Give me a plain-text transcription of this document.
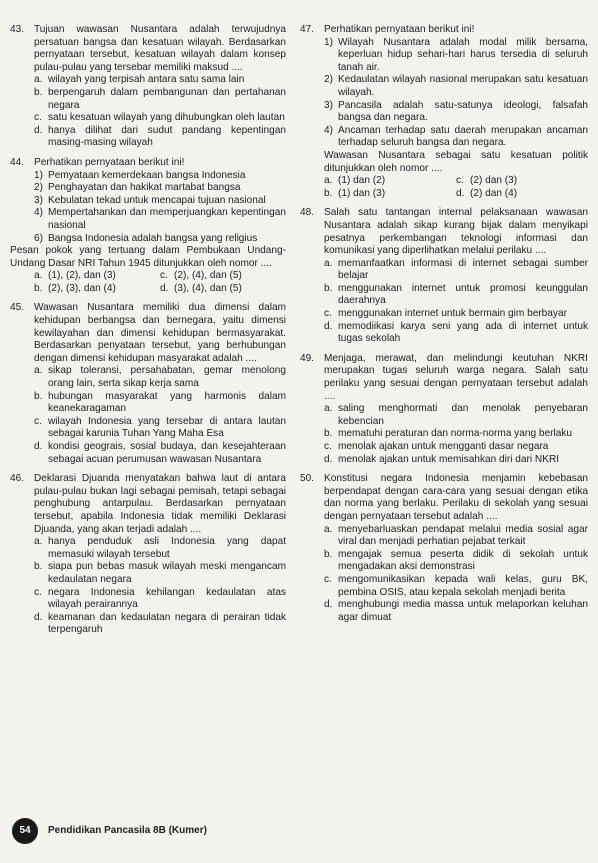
43. Tujuan wawasan Nusantara adalah terwujudnya persatuan bangsa dan kesatuan wilayah. Berdasarkan pernyataan tersebut, kesatuan wilayah dalam konsep pulau-pulau yang tersebar memiliki maksud ....
a. wilayah yang terpisah antara satu sama lain
b. berpengaruh dalam pembangunan dan pertahanan negara
c. satu kesatuan wilayah yang dihubungkan oleh lautan
d. hanya dilihat dari sudut pandang kepentingan masing-masing wilayah
44. Perhatikan pernyataan berikut ini!
1) Pemyataan kemerdekaan bangsa Indonesia
2) Penghayatan dan hakikat martabat bangsa
3) Kebulatan tekad untuk mencapai tujuan nasional
4) Mempertahankan dan memperjuangkan kepentingan nasional
6) Bangsa Indonesia adalah bangsa yang religius
Pesan pokok yang tertuang dalam Pembukaan Undang-Undang Dasar NRI Tahun 1945 ditunjukkan oleh nomor ....
a. (1), (2), dan (3)	c. (2), (4), dan (5)
b. (2), (3), dan (4)	d. (3), (4), dan (5)
45. Wawasan Nusantara memiliki dua dimensi dalam kehidupan berbangsa dan bernegara, yaitu dimensi kewilayahan dan dimensi kehidupan bermasyarakat. Berdasarkan penyataan tersebut, yang berhubungan dengan dimensi kehidupan masyarakat adalah ....
a. sikap toleransi, persahabatan, gemar menolong orang lain, serta sikap kerja sama
b. hubungan masyarakat yang harmonis dalam keanekaragaman
c. wilayah Indonesia yang tersebar di antara lautan sebagai karunia Tuhan Yang Maha Esa
d. kondisi geograis, sosial budaya, dan kesejahteraan sebagai acuan perumusan wawasan Nusantara
46. Deklarasi Djuanda menyatakan bahwa laut di antara pulau-pulau bukan lagi sebagai pemisah, tetapi sebagai penghubung antarpulau. Berdasarkan pernyataan tersebut, apabila Indonesia tidak memiliki Deklarasi Djuanda, yang akan terjadi adalah ....
a. hanya penduduk asli Indonesia yang dapat memasuki wilayah tersebut
b. siapa pun bebas masuk wilayah meski mengancam kedaulatan negara
c. negara Indonesia kehilangan kedaulatan atas wilayah perairannya
d. keamanan dan kedaulatan negara di perairan tidak terpengaruh
47. Perhatikan pernyataan berikut ini!
1) Wilayah Nusantara adalah modal milik bersama, keperluan hidup sehari-hari harus tersedia di seluruh tanah air.
2) Kedaulatan wilayah nasional merupakan satu kesatuan wilayah.
3) Pancasila adalah satu-satunya ideologi, falsafah bangsa dan negara.
4) Ancaman terhadap satu daerah merupakan ancaman terhadap seluruh bangsa dan negara.
Wawasan Nusantara sebagai satu kesatuan politik ditunjukkan oleh nomor ....
a. (1) dan (2)	c. (2) dan (3)
b. (1) dan (3)	d. (2) dan (4)
48. Salah satu tantangan internal pelaksanaan wawasan Nusantara adalah sikap kurang bijak dalam menyikapi pesatnya perkembangan teknologi informasi dan komunikasi yang diperlihatkan melalui perilaku ....
a. memanfaatkan informasi di internet sebagai sumber belajar
b. menggunakan internet untuk promosi keunggulan daerahnya
c. menggunakan internet untuk bermain gim berbayar
d. memodiikasi karya seni yang ada di internet untuk tugas sekolah
49. Menjaga, merawat, dan melindungi keutuhan NKRI merupakan tugas seluruh warga negara. Salah satu perilaku yang sesuai dengan pernyataan tersebut adalah ....
a. saling menghormati dan menolak penyebaran kebencian
b. mematuhi peraturan dan norma-norma yang berlaku
c. menolak ajakan untuk mengganti dasar negara
d. menolak ajakan untuk memisahkan diri dari NKRI
50. Konstitusi negara Indonesia menjamin kebebasan berpendapat dengan cara-cara yang sesuai dengan etika dan norma yang berlaku. Perilaku di sekolah yang sesuai dengan pernyataan tersebut adalah ....
a. menyebarluaskan pendapat melalui media sosial agar viral dan menjadi perhatian pejabat terkait
b. mengajak semua peserta didik di sekolah untuk mengadakan aksi demonstrasi
c. mengomunikasikan kepada wali kelas, guru BK, pembina OSIS, atau kepala sekolah menjadi berita
d. menghubungi media massa untuk melaporkan keluhan agar dimuat
54	Pendidikan Pancasila 8B (Kumer)
